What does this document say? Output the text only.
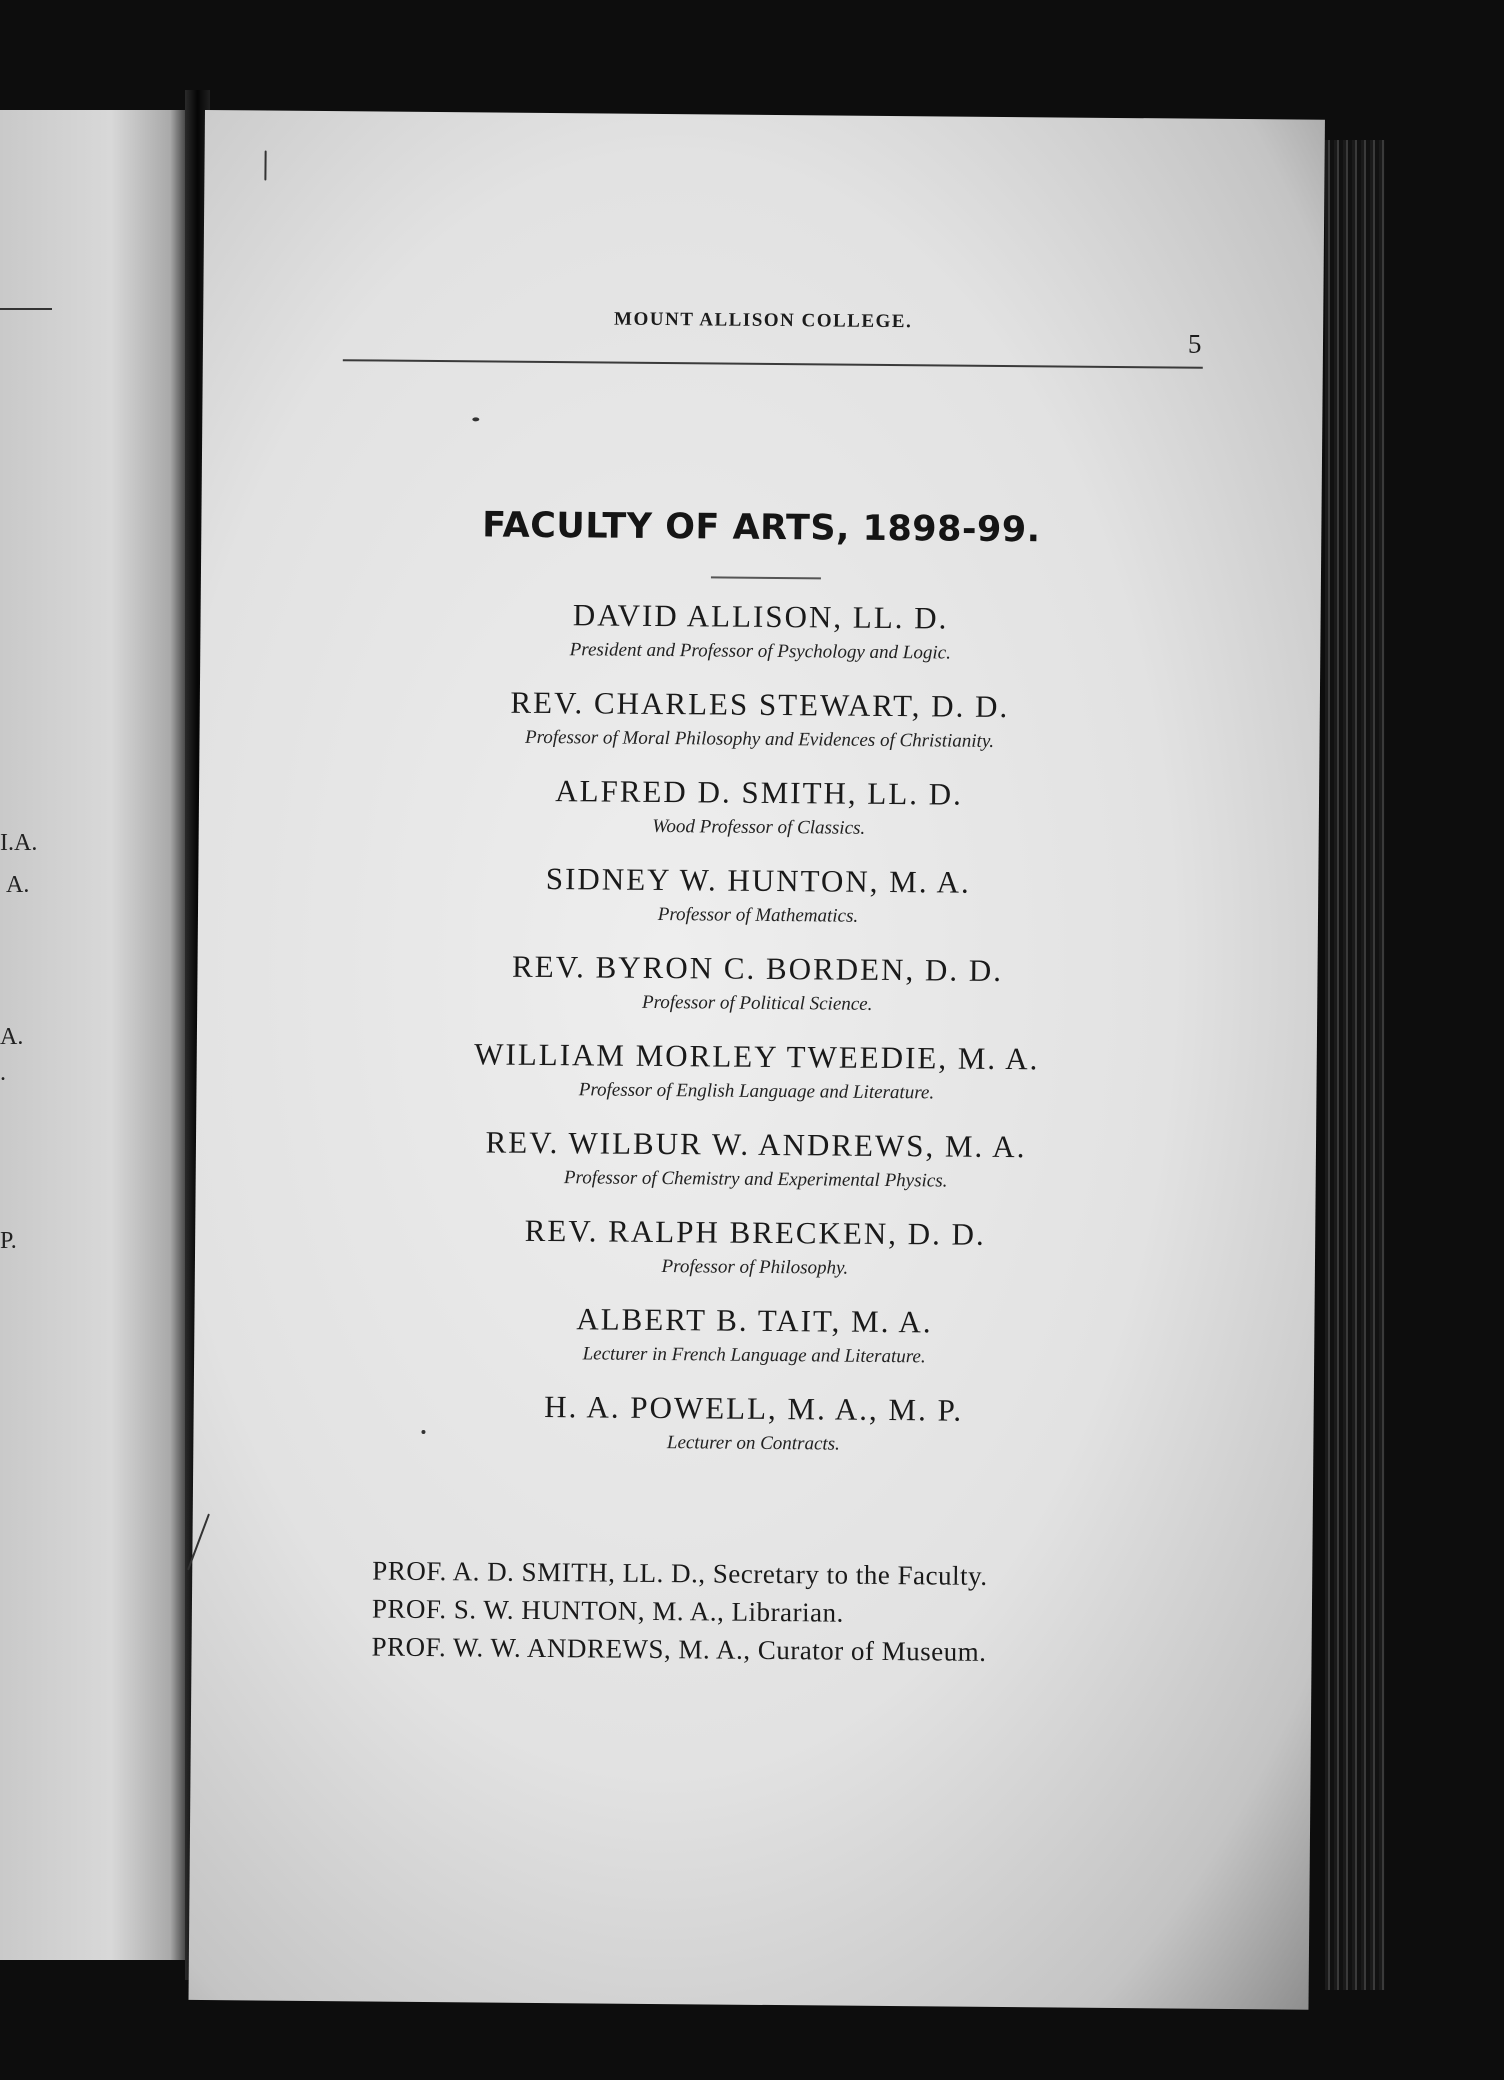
I.A.
A.
A.
.
P.
MOUNT ALLISON COLLEGE.
5
FACULTY OF ARTS, 1898-99.
DAVID ALLISON, LL. D.
President and Professor of Psychology and Logic.
REV. CHARLES STEWART, D. D.
Professor of Moral Philosophy and Evidences of Christianity.
ALFRED D. SMITH, LL. D.
Wood Professor of Classics.
SIDNEY W. HUNTON, M. A.
Professor of Mathematics.
REV. BYRON C. BORDEN, D. D.
Professor of Political Science.
WILLIAM MORLEY TWEEDIE, M. A.
Professor of English Language and Literature.
REV. WILBUR W. ANDREWS, M. A.
Professor of Chemistry and Experimental Physics.
REV. RALPH BRECKEN, D. D.
Professor of Philosophy.
ALBERT B. TAIT, M. A.
Lecturer in French Language and Literature.
H. A. POWELL, M. A., M. P.
Lecturer on Contracts.
PROF. A. D. SMITH, LL. D., Secretary to the Faculty.
PROF. S. W. HUNTON, M. A., Librarian.
PROF. W. W. ANDREWS, M. A., Curator of Museum.
